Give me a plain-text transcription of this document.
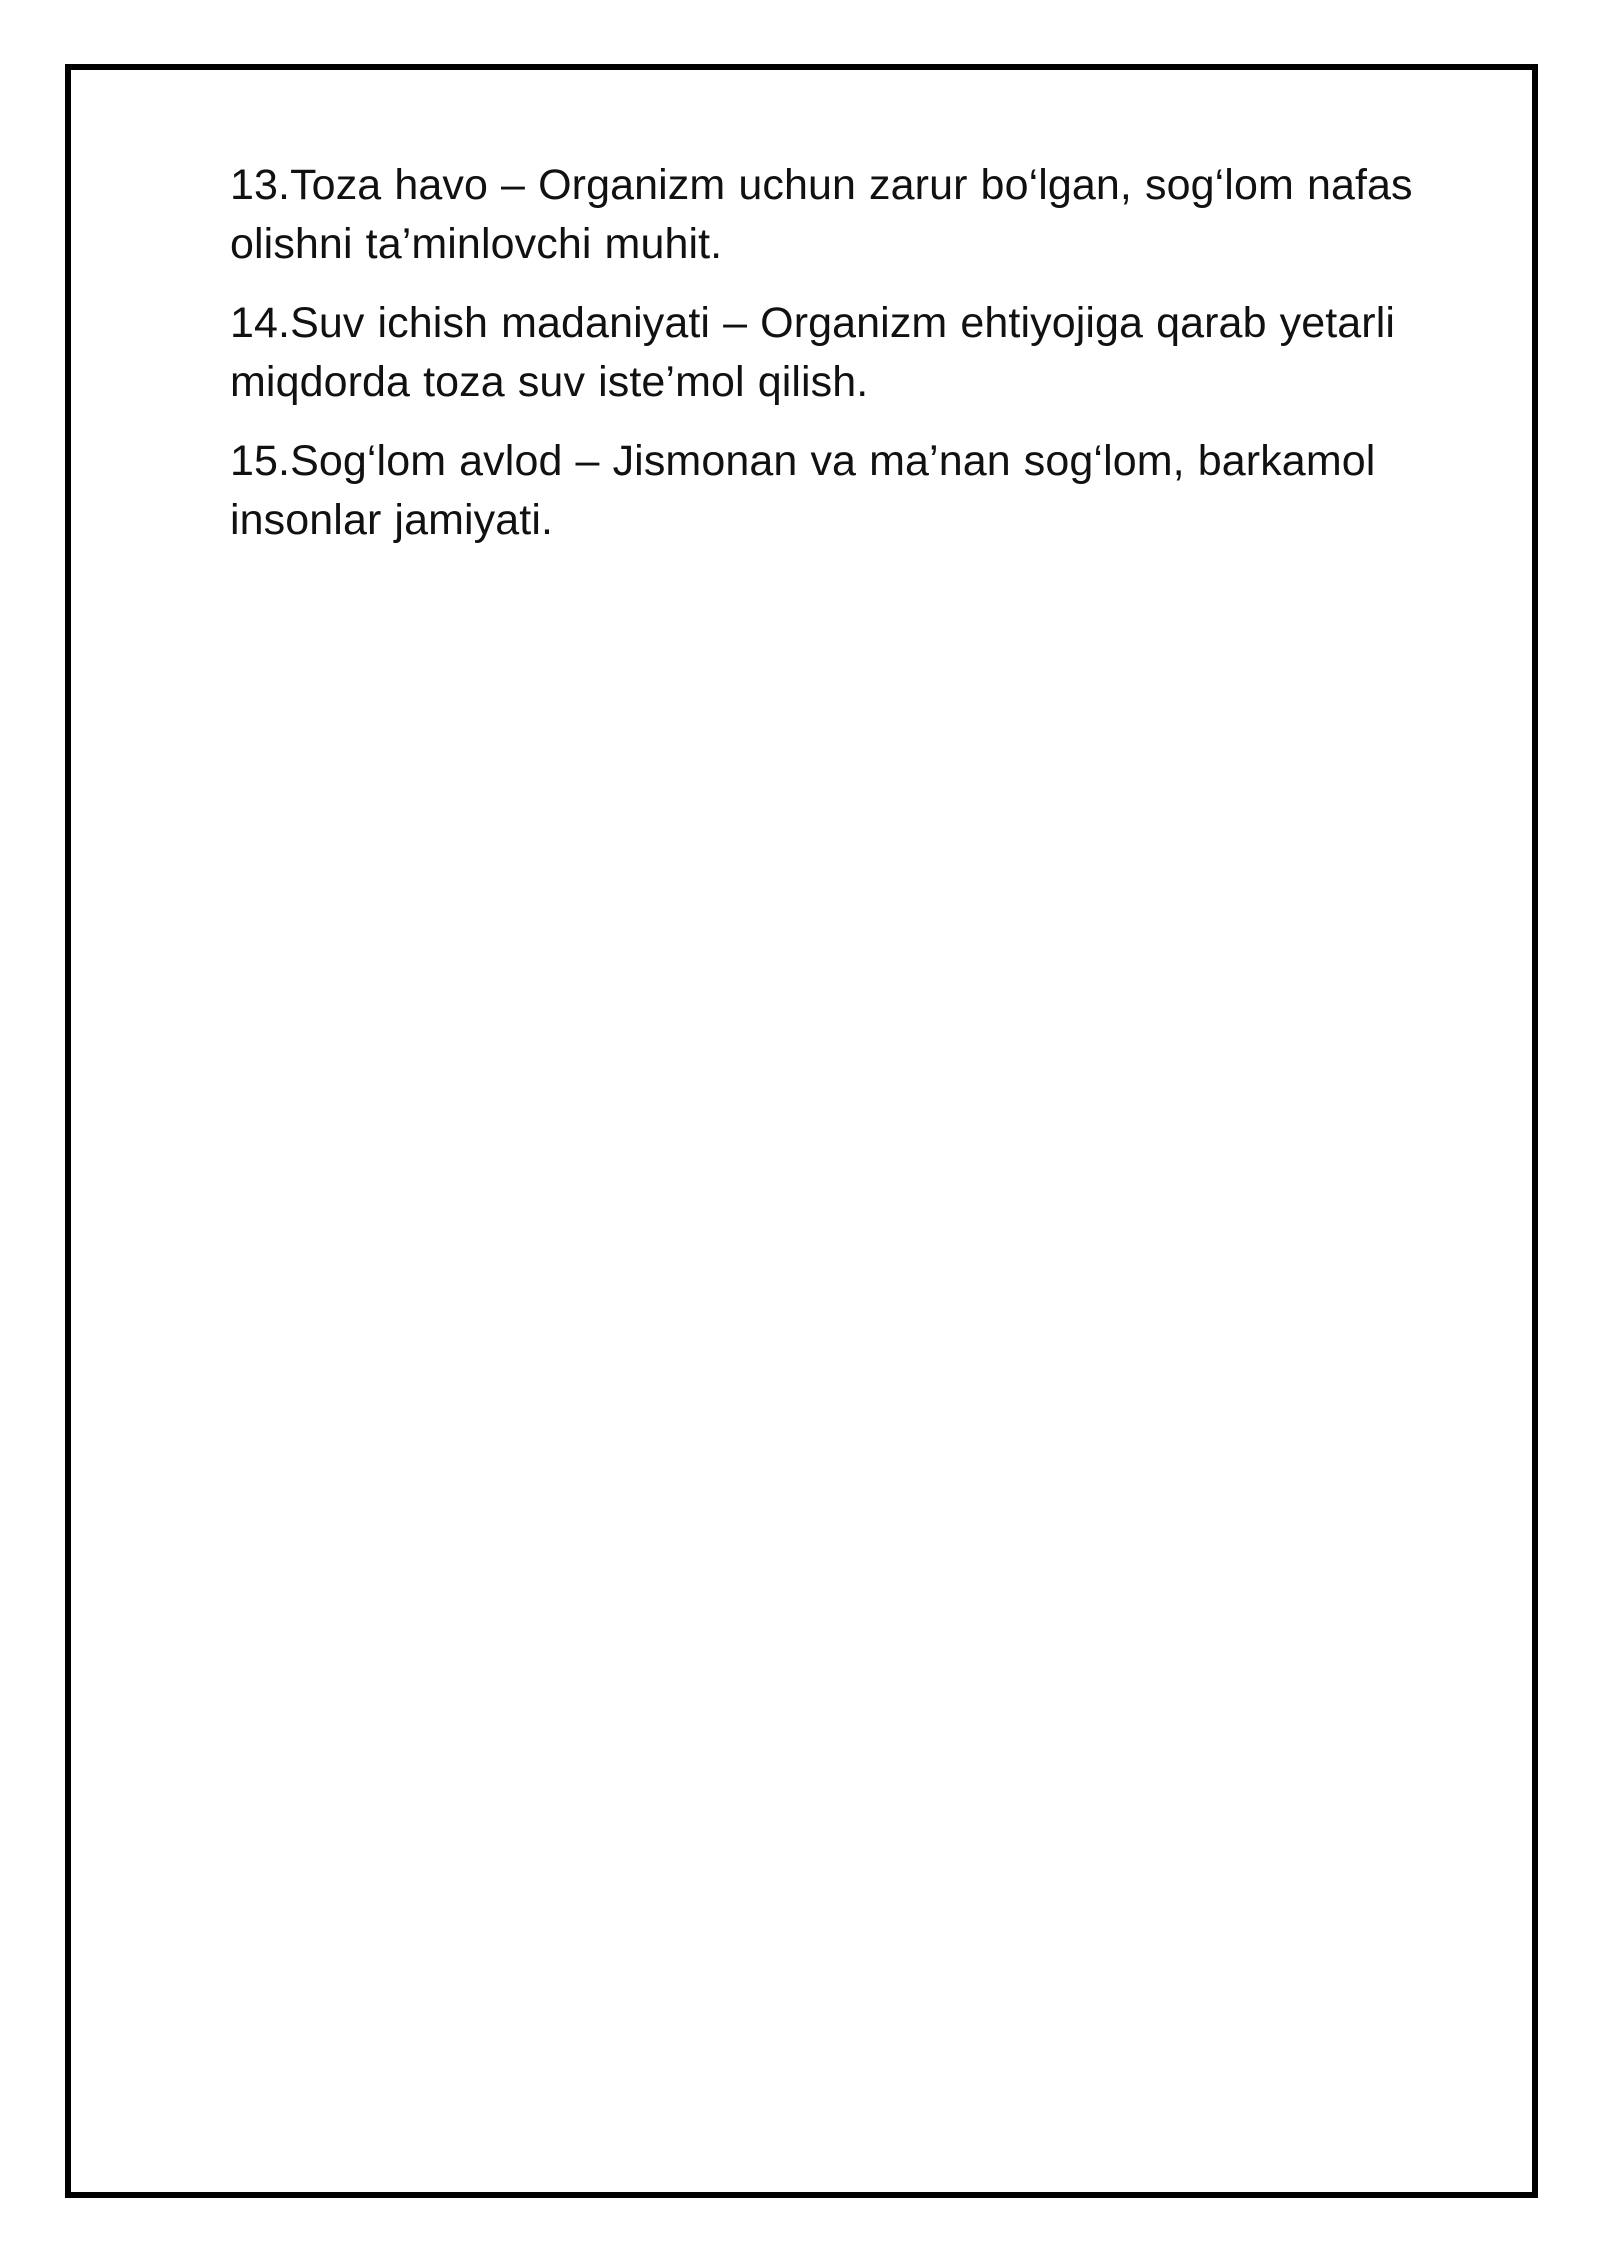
13.Toza havo – Organizm uchun zarur bo‘lgan, sog‘lom nafas olishni ta’minlovchi muhit.

14.Suv ichish madaniyati – Organizm ehtiyojiga qarab yetarli miqdorda toza suv iste’mol qilish.

15.Sog‘lom avlod – Jismonan va ma’nan sog‘lom, barkamol insonlar jamiyati.
